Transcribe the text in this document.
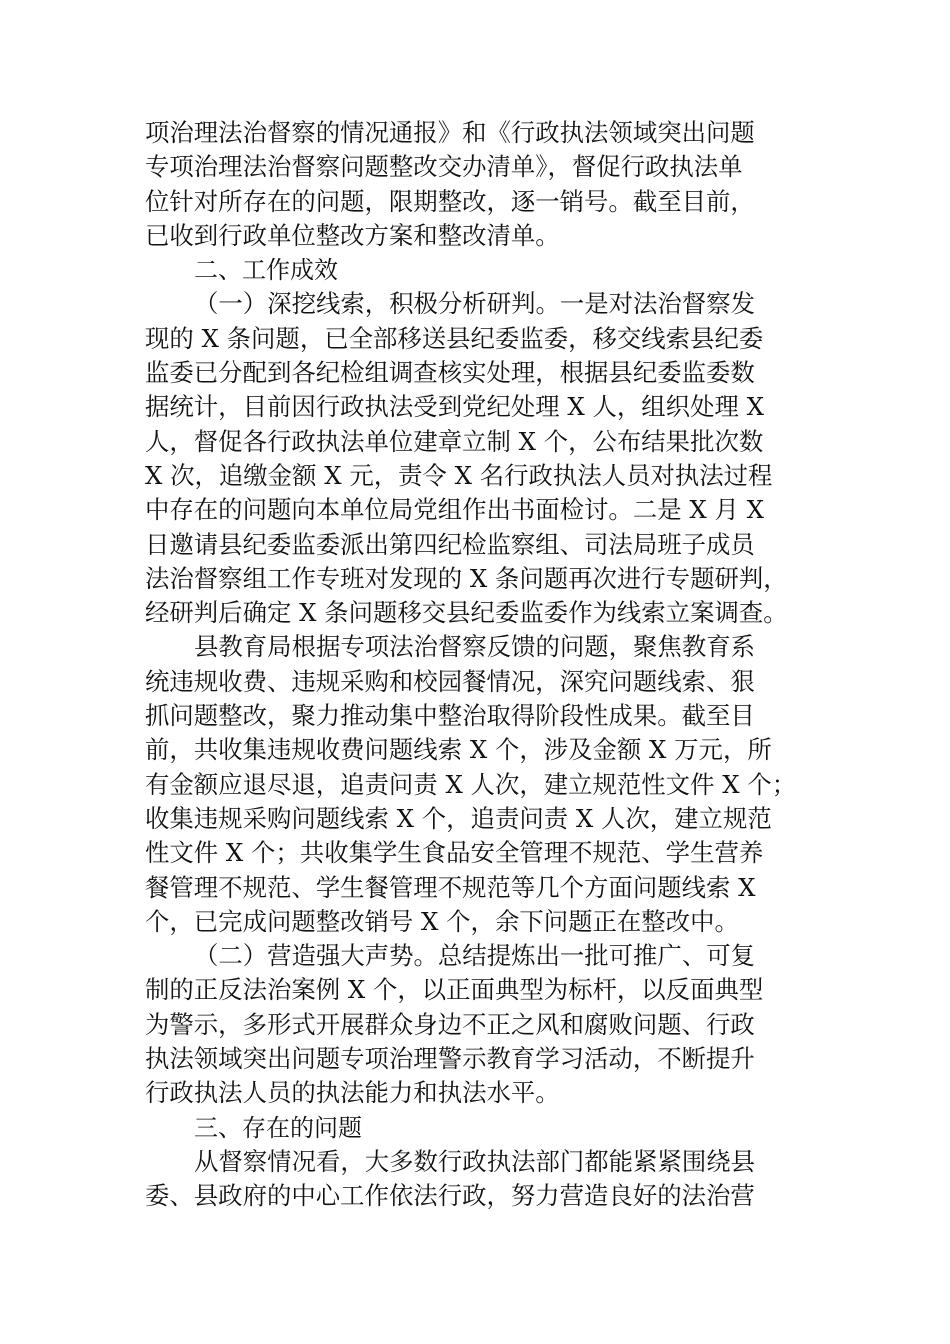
项治理法治督察的情况通报》和《行政执法领域突出问题
专项治理法治督察问题整改交办清单》，督促行政执法单
位针对所存在的问题，限期整改，逐一销号。截至目前，
已收到行政单位整改方案和整改清单。
二、工作成效
（一）深挖线索，积极分析研判。一是对法治督察发
现的 X 条问题，已全部移送县纪委监委，移交线索县纪委
监委已分配到各纪检组调查核实处理，根据县纪委监委数
据统计，目前因行政执法受到党纪处理 X 人，组织处理 X
人，督促各行政执法单位建章立制 X 个，公布结果批次数
X 次，追缴金额 X 元，责令 X 名行政执法人员对执法过程
中存在的问题向本单位局党组作出书面检讨。二是 X 月 X
日邀请县纪委监委派出第四纪检监察组、司法局班子成员
法治督察组工作专班对发现的 X 条问题再次进行专题研判，
经研判后确定 X 条问题移交县纪委监委作为线索立案调查。
县教育局根据专项法治督察反馈的问题，聚焦教育系
统违规收费、违规采购和校园餐情况，深究问题线索、狠
抓问题整改，聚力推动集中整治取得阶段性成果。截至目
前，共收集违规收费问题线索 X 个，涉及金额 X 万元，所
有金额应退尽退，追责问责 X 人次，建立规范性文件 X 个；
收集违规采购问题线索 X 个，追责问责 X 人次，建立规范
性文件 X 个；共收集学生食品安全管理不规范、学生营养
餐管理不规范、学生餐管理不规范等几个方面问题线索 X
个，已完成问题整改销号 X 个，余下问题正在整改中。
（二）营造强大声势。总结提炼出一批可推广、可复
制的正反法治案例 X 个，以正面典型为标杆，以反面典型
为警示，多形式开展群众身边不正之风和腐败问题、行政
执法领域突出问题专项治理警示教育学习活动，不断提升
行政执法人员的执法能力和执法水平。
三、存在的问题
从督察情况看，大多数行政执法部门都能紧紧围绕县
委、县政府的中心工作依法行政，努力营造良好的法治营
